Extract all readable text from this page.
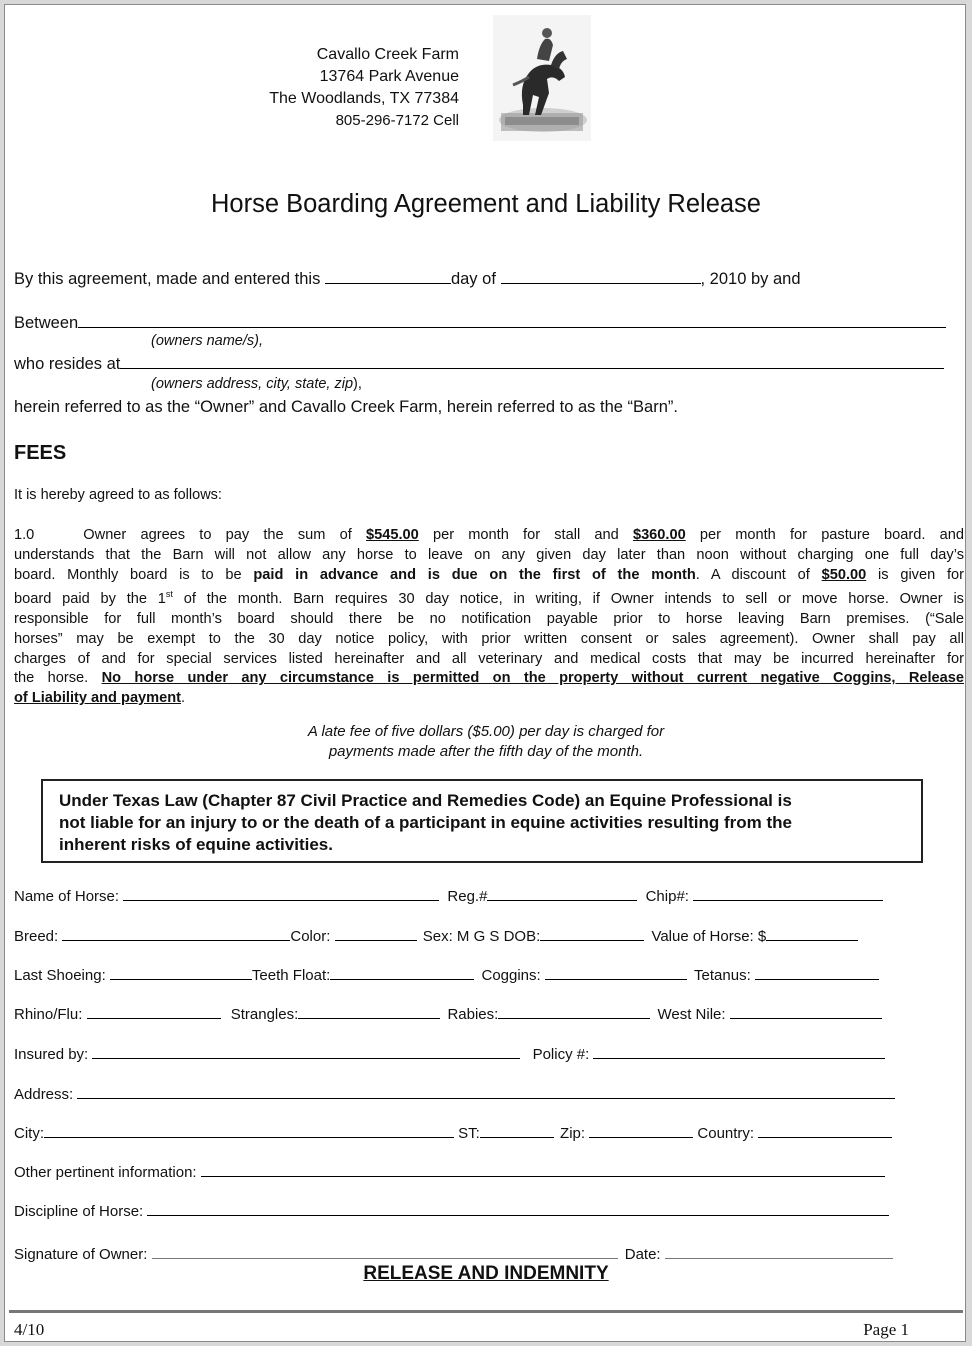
Cavallo Creek Farm
13764 Park Avenue
The Woodlands, TX 77384
805-296-7172 Cell
Horse Boarding Agreement and Liability Release
By this agreement, made and entered this	day of	, 2010 by and
Between
(owners name/s),
who resides at
(owners address, city, state, zip),
herein referred to as the “Owner” and Cavallo Creek Farm, herein referred to as the “Barn”.
FEES
It is hereby agreed to as follows:
1.0	Owner agrees to pay the sum of $545.00 per month for stall and $360.00 per month for pasture board. and
understands that the Barn will not allow any horse to leave on any given day later than noon without charging one full day’s
board. Monthly board is to be paid in advance and is due on the first of the month. A discount of $50.00 is given for
board paid by the 1st of the month. Barn requires 30 day notice, in writing, if Owner intends to sell or move horse. Owner is
responsible for full month’s board should there be no notification payable prior to horse leaving Barn premises. (“Sale
horses” may be exempt to the 30 day notice policy, with prior written consent or sales agreement). Owner shall pay all
charges of and for special services listed hereinafter and all veterinary and medical costs that may be incurred hereinafter for
the horse. No horse under any circumstance is permitted on the property without current negative Coggins, Release
of Liability and payment.
A late fee of five dollars ($5.00) per day is charged for
payments made after the fifth day of the month.
Under Texas Law (Chapter 87 Civil Practice and Remedies Code) an Equine Professional is
not liable for an injury to or the death of a participant in equine activities resulting from the
inherent risks of equine activities.
Name of Horse:	Reg.#	Chip#:
Breed:	Color:	Sex: M G S DOB:	Value of Horse: $
Last Shoeing:	Teeth Float:	Coggins:	Tetanus:
Rhino/Flu:	Strangles:	Rabies:	West Nile:
Insured by:	Policy #:
Address:
City:	ST:	Zip:	Country:
Other pertinent information:
Discipline of Horse:
Signature of Owner:	Date:
RELEASE AND INDEMNITY
4/10	Page 1
